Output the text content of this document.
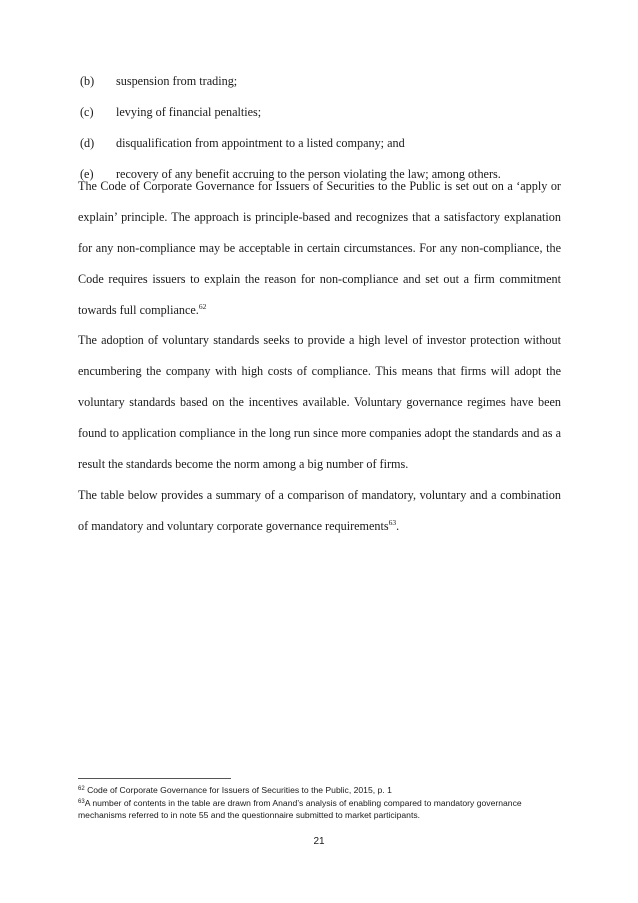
(b)	suspension from trading;
(c)	levying of financial penalties;
(d)	disqualification from appointment to a listed company; and
(e)	recovery of any benefit accruing to the person violating the law; among others.

The Code of Corporate Governance for Issuers of Securities to the Public is set out on a ‘apply or explain’ principle. The approach is principle-based and recognizes that a satisfactory explanation for any non-compliance may be acceptable in certain circumstances. For any non-compliance, the Code requires issuers to explain the reason for non-compliance and set out a firm commitment towards full compliance.$^{62}$

The adoption of voluntary standards seeks to provide a high level of investor protection without encumbering the company with high costs of compliance. This means that firms will adopt the voluntary standards based on the incentives available. Voluntary governance regimes have been found to application compliance in the long run since more companies adopt the standards and as a result the standards become the norm among a big number of firms.

The table below provides a summary of a comparison of mandatory, voluntary and a combination of mandatory and voluntary corporate governance requirements$^{63}$.

$^{62}$ Code of Corporate Governance for Issuers of Securities to the Public, 2015, p. 1

$^{63}$A number of contents in the table are drawn from Anand’s analysis of enabling compared to mandatory governance mechanisms referred to in note 55 and the questionnaire submitted to market participants.

21
